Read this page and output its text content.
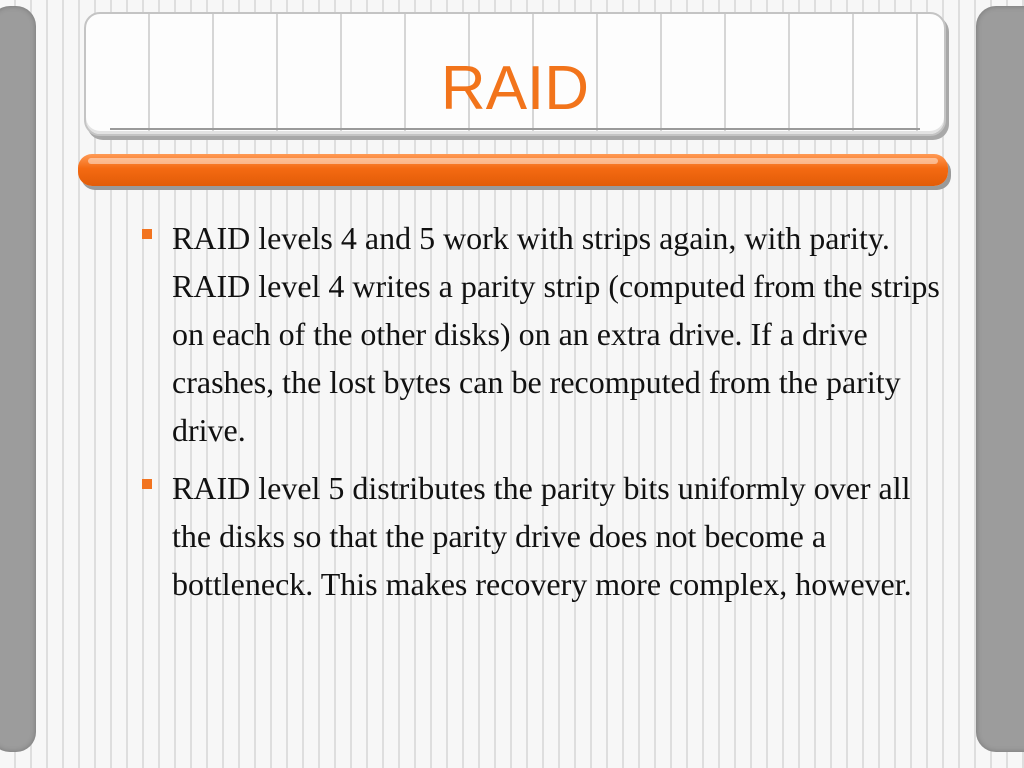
RAID
RAID levels 4 and 5 work with strips again, with parity. RAID level 4 writes a parity strip (computed from the strips on each of the other disks) on an extra drive. If a drive crashes, the lost bytes can be recomputed from the parity drive.
RAID level 5 distributes the parity bits uniformly over all the disks so that the parity drive does not become a bottleneck. This makes recovery more complex, however.
